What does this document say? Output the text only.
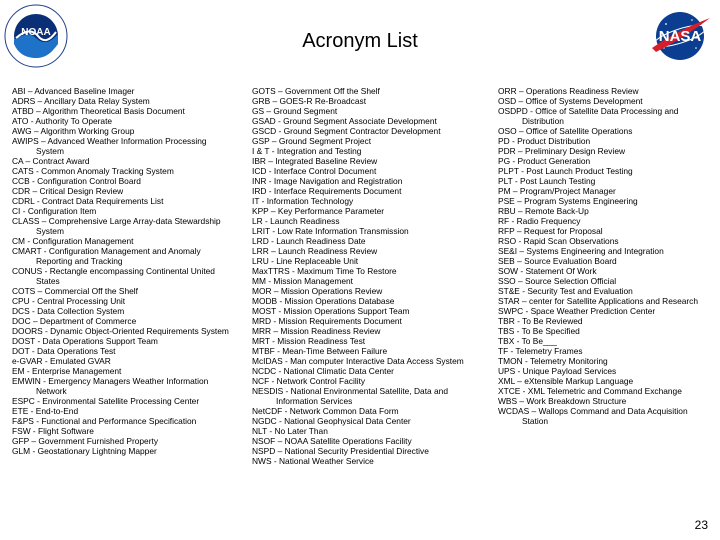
NOAA	NASA
Acronym List
ABI – Advanced Baseline Imager
ADRS – Ancillary Data Relay System
ATBD – Algorithm Theoretical Basis Document
ATO - Authority To Operate
AWG – Algorithm Working Group
AWIPS – Advanced Weather Information Processing System
CA – Contract Award
CATS - Common Anomaly Tracking System
CCB - Configuration Control Board
CDR – Critical Design Review
CDRL - Contract Data Requirements List
CI - Configuration Item
CLASS – Comprehensive Large Array-data Stewardship System
CM - Configuration Management
CMART - Configuration Management and Anomaly Reporting and Tracking
CONUS - Rectangle encompassing Continental United States
COTS – Commercial Off the Shelf
CPU - Central Processing Unit
DCS - Data Collection System
DOC – Department of Commerce
DOORS - Dynamic Object-Oriented Requirements System
DOST - Data Operations Support Team
DOT - Data Operations Test
e-GVAR - Emulated GVAR
EM - Enterprise Management
EMWIN - Emergency Managers Weather Information Network
ESPC - Environmental Satellite Processing Center
ETE - End-to-End
F&PS - Functional and Performance Specification
FSW - Flight Software
GFP – Government Furnished Property
GLM - Geostationary Lightning Mapper
GOTS – Government Off the Shelf
GRB – GOES-R Re-Broadcast
GS – Ground Segment
GSAD - Ground Segment Associate Development
GSCD - Ground Segment Contractor Development
GSP – Ground Segment Project
I & T - Integration and Testing
IBR – Integrated Baseline Review
ICD - Interface Control Document
INR - Image Navigation and Registration
IRD - Interface Requirements Document
IT - Information Technology
KPP – Key Performance Parameter
LR - Launch Readiness
LRIT - Low Rate Information Transmission
LRD - Launch Readiness Date
LRR – Launch Readiness Review
LRU - Line Replaceable Unit
MaxTTRS - Maximum Time To Restore
MM - Mission Management
MOR – Mission Operations Review
MODB - Mission Operations Database
MOST - Mission Operations Support Team
MRD - Mission Requirements Document
MRR – Mission Readiness Review
MRT - Mission Readiness Test
MTBF - Mean-Time Between Failure
McIDAS - Man computer Interactive Data Access System
NCDC - National Climatic Data Center
NCF - Network Control Facility
NESDIS - National Environmental Satellite, Data and Information Services
NetCDF - Network Common Data Form
NGDC - National Geophysical Data Center
NLT - No Later Than
NSOF – NOAA Satellite Operations Facility
NSPD – National Security Presidential Directive
NWS - National Weather Service
ORR – Operations Readiness Review
OSD – Office of Systems Development
OSDPD - Office of Satellite Data Processing and Distribution
OSO – Office of Satellite Operations
PD - Product Distribution
PDR – Preliminary Design Review
PG - Product Generation
PLPT - Post Launch Product Testing
PLT - Post Launch Testing
PM – Program/Project Manager
PSE – Program Systems Engineering
RBU – Remote Back-Up
RF - Radio Frequency
RFP – Request for Proposal
RSO - Rapid Scan Observations
SE&I – Systems Engineering and Integration
SEB – Source Evaluation Board
SOW - Statement Of Work
SSO – Source Selection Official
ST&E - Security Test and Evaluation
STAR – center for Satellite Applications and Research
SWPC - Space Weather Prediction Center
TBR - To Be Reviewed
TBS - To Be Specified
TBX - To Be___
TF - Telemetry Frames
TMON - Telemetry Monitoring
UPS - Unique Payload Services
XML – eXtensible Markup Language
XTCE - XML Telemetric and Command Exchange
WBS – Work Breakdown Structure
WCDAS – Wallops Command and Data Acquisition Station
23
